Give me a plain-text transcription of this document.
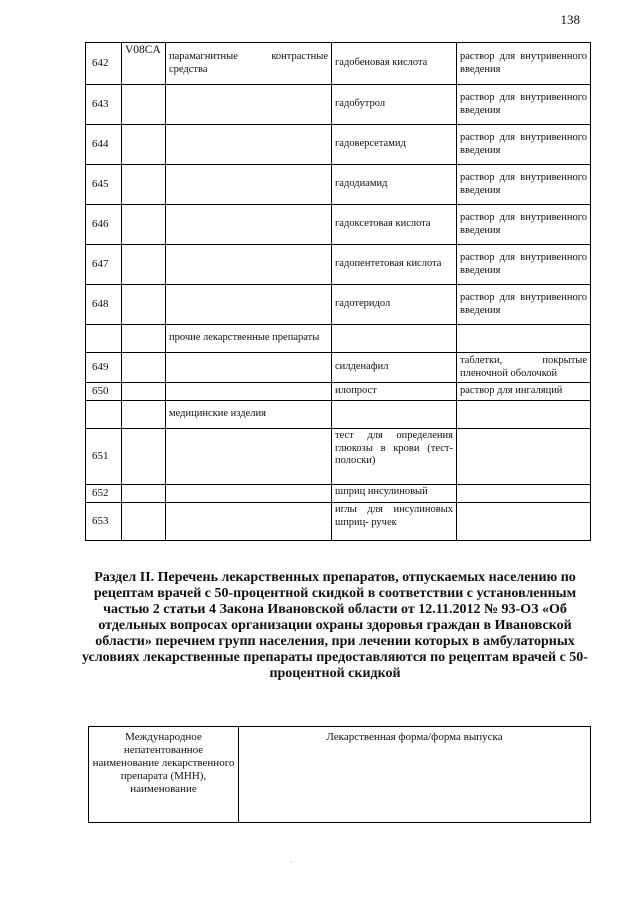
138
642	V08CA	парамагнитные контрастные средства	гадобеновая кислота	раствор для внутривенного введения
643			гадобутрол	раствор для внутривенного введения
644			гадоверсетамид	раствор для внутривенного введения
645			гадодиамид	раствор для внутривенного введения
646			гадоксетовая кислота	раствор для внутривенного введения
647			гадопентетовая кислота	раствор для внутривенного введения
648			гадотеридол	раствор для внутривенного введения
		прочие лекарственные препараты		
649			силденафил	таблетки, покрытые пленочной оболочкой
650			илопрост	раствор для ингаляций
		медицинские изделия		
651			тест для определения глюкозы в крови (тест-полоски)	
652			шприц инсулиновый	
653			иглы для инсулиновых шприц- ручек	
Раздел II. Перечень лекарственных препаратов, отпускаемых населению по рецептам врачей с 50-процентной скидкой в соответствии с установленным частью 2 статьи 4 Закона Ивановской области от 12.11.2012 № 93-ОЗ «Об отдельных вопросах организации охраны здоровья граждан в Ивановской области» перечнем групп населения, при лечении которых в амбулаторных условиях лекарственные препараты предоставляются по рецептам врачей с 50-процентной скидкой
Международное непатентованное наименование лекарственного препарата (МНН), наименование	Лекарственная форма/форма выпуска
·
